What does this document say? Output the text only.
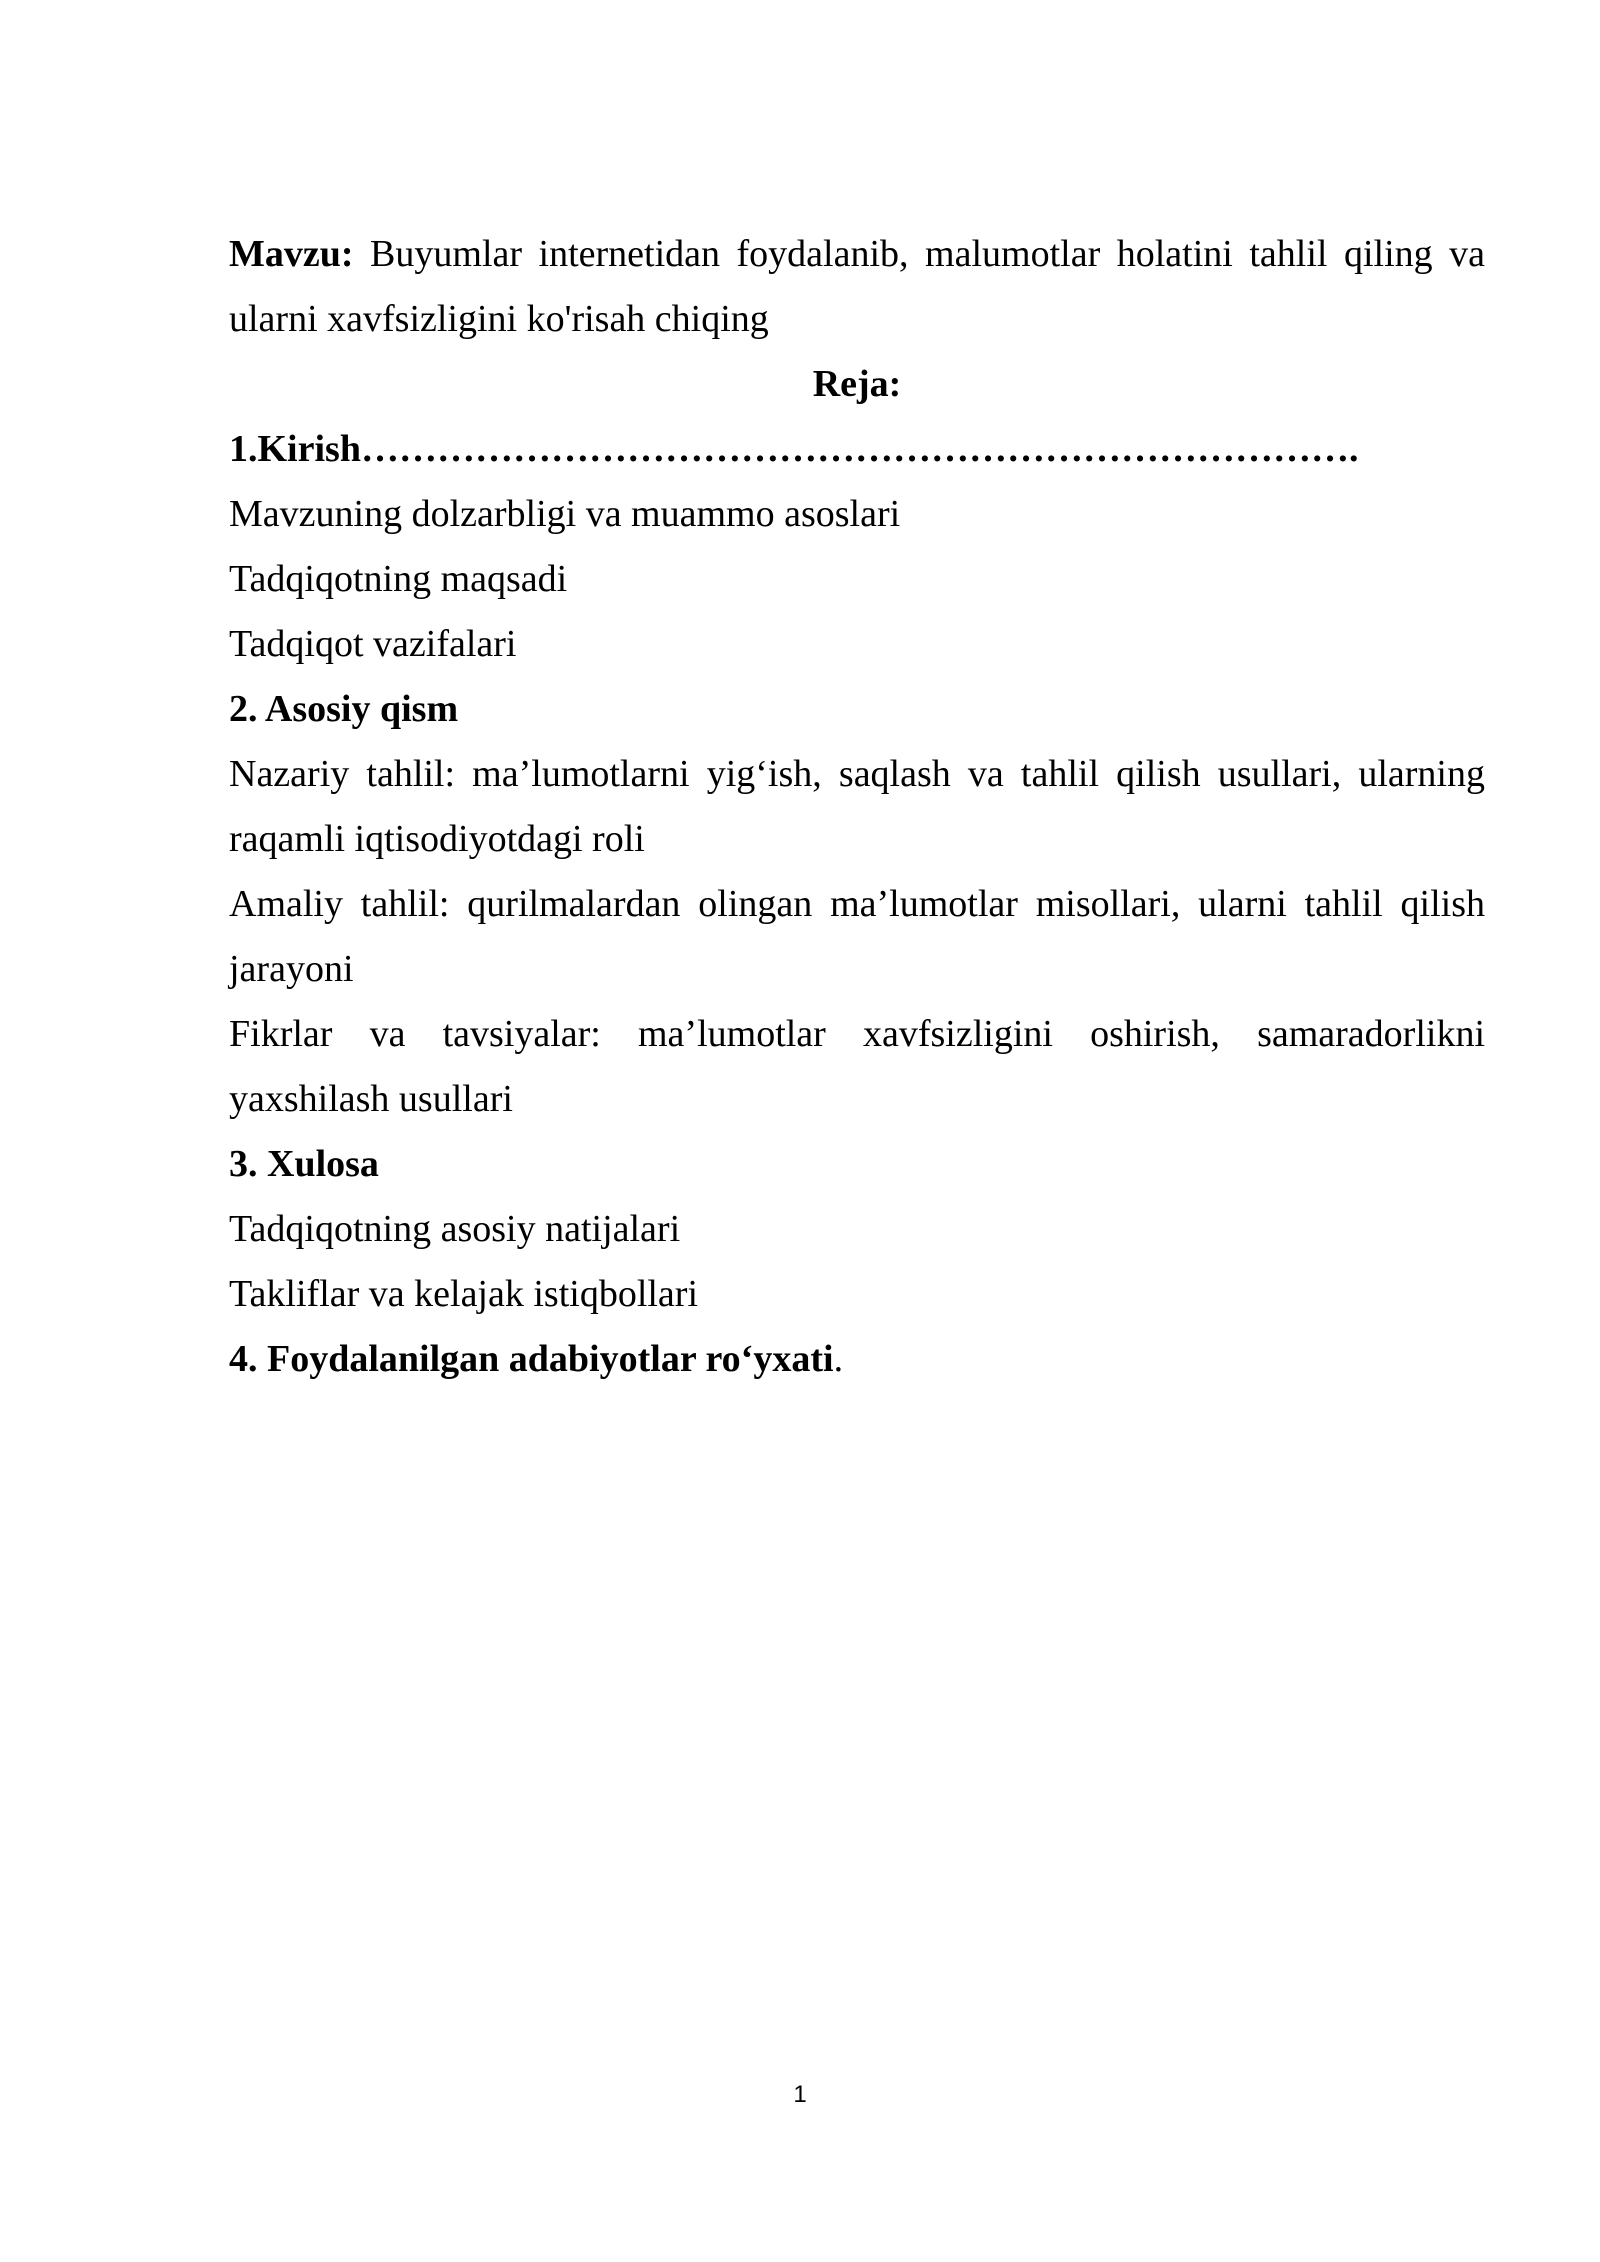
Mavzu: Buyumlar internetidan foydalanib, malumotlar holatini tahlil qiling va ularni xavfsizligini ko'risah chiqing

Reja:

1.Kirish…………………………………………………………………….

Mavzuning dolzarbligi va muammo asoslari

Tadqiqotning maqsadi

Tadqiqot vazifalari

2. Asosiy qism

Nazariy tahlil: ma’lumotlarni yig‘ish, saqlash va tahlil qilish usullari, ularning raqamli iqtisodiyotdagi roli

Amaliy tahlil: qurilmalardan olingan ma’lumotlar misollari, ularni tahlil qilish jarayoni

Fikrlar va tavsiyalar: ma’lumotlar xavfsizligini oshirish, samaradorlikni yaxshilash usullari

3. Xulosa

Tadqiqotning asosiy natijalari

Takliflar va kelajak istiqbollari

4. Foydalanilgan adabiyotlar ro‘yxati.

1
